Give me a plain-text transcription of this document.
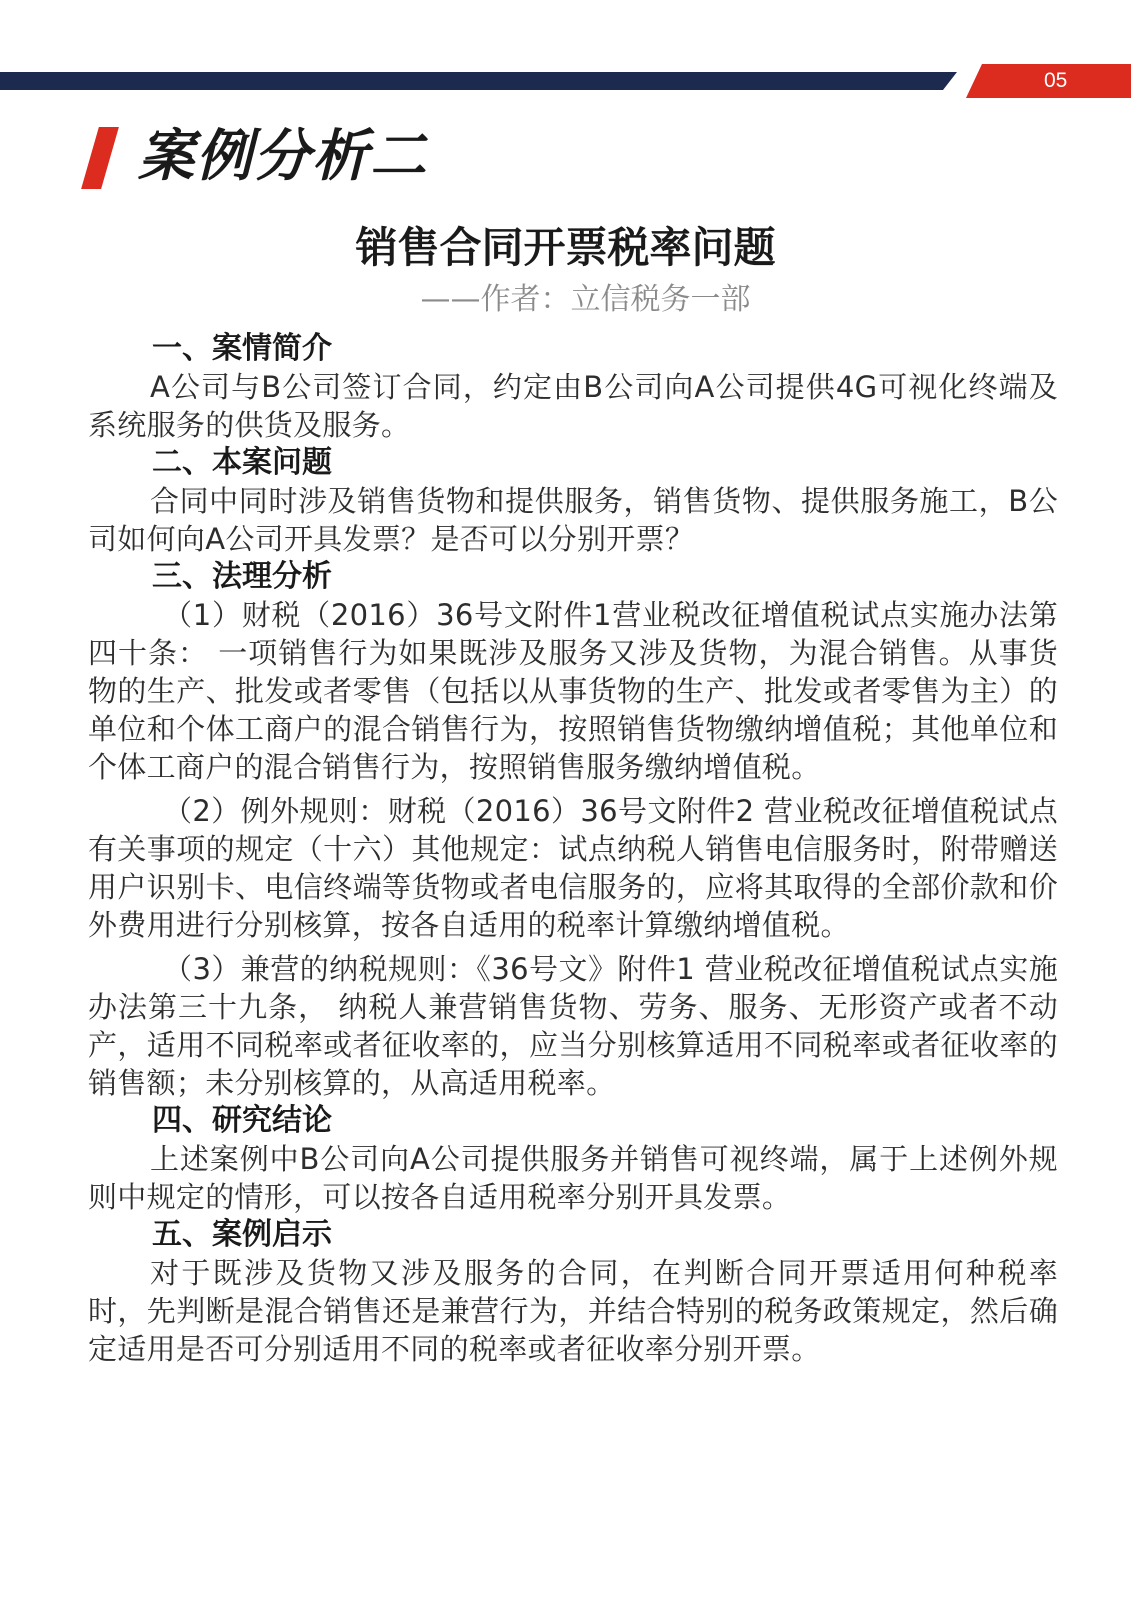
05
案例分析二
销售合同开票税率问题
——作者：立信税务一部
一、案情简介

A公司与B公司签订合同，约定由B公司向A公司提供4G可视化终端及系统服务的供货及服务。

二、本案问题

合同中同时涉及销售货物和提供服务，销售货物、提供服务施工，B公司如何向A公司开具发票？是否可以分别开票？

三、法理分析

（1）财税（2016）36号文附件1营业税改征增值税试点实施办法第四十条： 一项销售行为如果既涉及服务又涉及货物，为混合销售。从事货物的生产、批发或者零售（包括以从事货物的生产、批发或者零售为主）的单位和个体工商户的混合销售行为，按照销售货物缴纳增值税；其他单位和个体工商户的混合销售行为，按照销售服务缴纳增值税。

（2）例外规则：财税（2016）36号文附件2 营业税改征增值税试点有关事项的规定（十六）其他规定：试点纳税人销售电信服务时，附带赠送用户识别卡、电信终端等货物或者电信服务的，应将其取得的全部价款和价外费用进行分别核算，按各自适用的税率计算缴纳增值税。

（3）兼营的纳税规则：《36号文》附件1 营业税改征增值税试点实施办法第三十九条， 纳税人兼营销售货物、劳务、服务、无形资产或者不动产，适用不同税率或者征收率的，应当分别核算适用不同税率或者征收率的销售额；未分别核算的，从高适用税率。

四、研究结论

上述案例中B公司向A公司提供服务并销售可视终端，属于上述例外规则中规定的情形，可以按各自适用税率分别开具发票。

五、案例启示

对于既涉及货物又涉及服务的合同，在判断合同开票适用何种税率时，先判断是混合销售还是兼营行为，并结合特别的税务政策规定，然后确定适用是否可分别适用不同的税率或者征收率分别开票。
